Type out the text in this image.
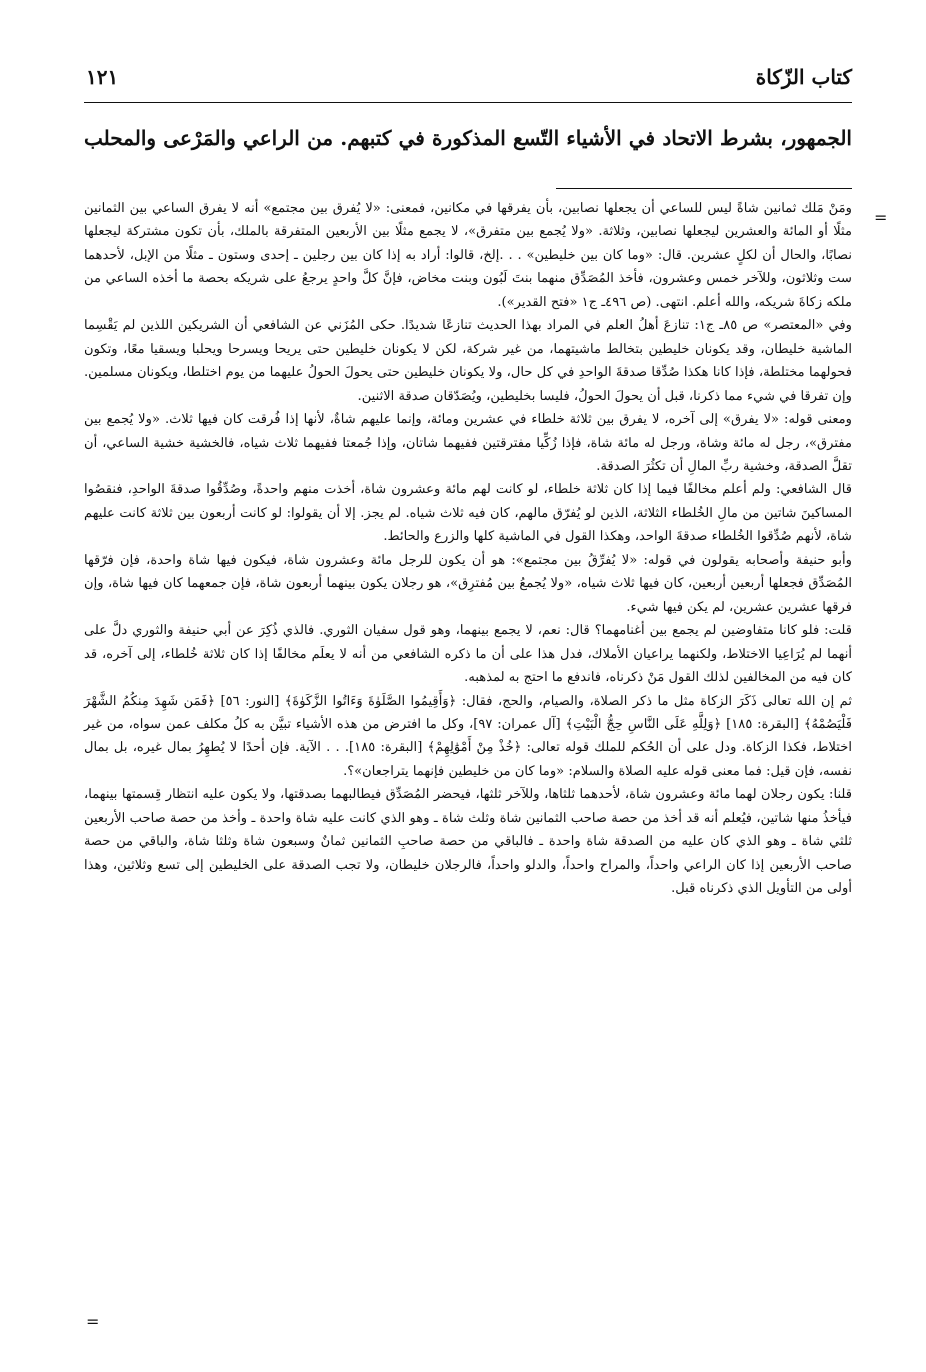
كتاب الزّكاة
١٢١
الجمهور، بشرط الاتحاد في الأشياء التّسع المذكورة في كتبهم. من الراعي والمَرْعى والمحلب
=

ومَنْ مَلك ثمانين شاةً ليس للساعي أن يجعلها نصابين، بأن يفرقها في مكانين، فمعنى: «لا يُفرق بين مجتمع» أنه لا يفرق الساعي بين الثمانين مثلًا أو المائة والعشرين ليجعلها نصابين، وثلاثة. «ولا يُجمع بين متفرق»، لا يجمع مثلًا بين الأربعين المتفرقة بالملك، بأن تكون مشتركة ليجعلها نصابًا، والحال أن لكلٍ عشرين. قال: «وما كان بين خليطين» . . .إلخ، قالوا: أراد به إذا كان بين رجلين ـ إحدى وستون ـ مثلًا من الإبل، لأحدهما ست وثلاثون، وللآخر خمس وعشرون، فأخذ المُصَدِّق منهما بنتَ لَبُون وبنت مخاض، فإنَّ كلَّ واحدٍ يرجعُ على شريكه بحصة ما أخذه الساعي من ملكه زكاةَ شريكه، والله أعلم. انتهى. (ص ٤٩٦ـ ج١ «فتح القدير»).

وفي «المعتصر» ص ٨٥ـ ج١: تنازعَ أهلُ العلم في المراد بهذا الحديث تنازعًا شديدًا. حكى المُزَني عن الشافعي أن الشريكين اللذين لم يَقْسِما الماشية خليطان، وقد يكونان خليطين بتخالط ماشيتهما، من غير شركة، لكن لا يكونان خليطين حتى يريحا ويسرحا ويحلبا ويسقيا معًا، وتكون فحولهما مختلطة، فإذا كانا هكذا صُدِّقا صدقةَ الواحدِ في كل حال، ولا يكونان خليطين حتى يحولَ الحولُ عليهما من يوم اختلطا، ويكونان مسلمين. وإن تفرقا في شيء مما ذكرنا، قبل أن يحولَ الحولُ، فليسا بخليطين، ويُصَدّقان صدقة الاثنين.

ومعنى قوله: «لا يفرق» إلى آخره، لا يفرق بين ثلاثة خلطاء في عشرين ومائة، وإنما عليهم شاةٌ، لأنها إذا فُرقت كان فيها ثلاث. «ولا يُجمع بين مفترق»، رجل له مائة وشاة، ورجل له مائة شاة، فإذا زُكِّيا مفترقتين ففيهما شاتان، وإذا جُمعتا ففيهما ثلاث شياه، فالخشية خشية الساعي، أن تقلَّ الصدقة، وخشية ربِّ المالِ أن تكثُرَ الصدقة.

قال الشافعي: ولم أعلم مخالفًا فيما إذا كان ثلاثة خلطاء، لو كانت لهم مائة وعشرون شاة، أخذت منهم واحدةً، وصُدِّقُوا صدقةَ الواحدِ، فنقصُوا المساكينَ شاتين من مالِ الخُلطاء الثلاثة، الذين لو يُفرّق مالهم، كان فيه ثلاث شياه. لم يجز. إلا أن يقولوا: لو كانت أربعون بين ثلاثة كانت عليهم شاة، لأنهم صُدِّقوا الخُلطاء صدقةَ الواحد، وهكذا القول في الماشية كلها والزرع والحائط.

وأبو حنيفة وأصحابه يقولون في قوله: «لا يُفرِّقُ بين مجتمع»: هو أن يكون للرجل مائة وعشرون شاة، فيكون فيها شاة واحدة، فإن فرّقها المُصَدِّق فجعلها أربعين أربعين، كان فيها ثلاث شياه، «ولا يُجمعُ بين مُفترِق»، هو رجلان يكون بينهما أربعون شاة، فإن جمعهما كان فيها شاة، وإن فرقها عشرين عشرين، لم يكن فيها شيء.

قلت: فلو كانا متفاوضين لم يجمع بين أغنامهما؟ قال: نعم، لا يجمع بينهما، وهو قول سفيان الثوري. فالذي ذُكِرَ عن أبي حنيفة والثوري دلَّ على أنهما لم يُرَاعِيا الاختلاط، ولكنهما يراعيان الأملاك، فدل هذا على أن ما ذكره الشافعي من أنه لا يعلَم مخالفًا إذا كان ثلاثة خُلطاء، إلى آخره، قد كان فيه من المخالفين لذلك القول مَنْ ذكرناه، فاندفع ما احتج به لمذهبه.

ثم إن الله تعالى ذَكَرَ الزكاة مثل ما ذكر الصلاة، والصيام، والحج، فقال: ﴿وَأَقِيمُوا الصَّلَوٰةَ وَءَاتُوا الزَّكَوٰةَ﴾ [النور: ٥٦] ﴿فَمَن شَهِدَ مِنكُمُ الشَّهْرَ فَلْيَصُمْهُ﴾ [البقرة: ١٨٥] ﴿وَلِلَّهِ عَلَى النَّاسِ حِجُّ الْبَيْتِ﴾ [آل عمران: ٩٧]، وكل ما افترض من هذه الأشياء تبيَّن به كلُ مكلف عمن سواه، من غير اختلاط، فكذا الزكاة. ودل على أن الحُكم للملك قوله تعالى: ﴿خُذْ مِنْ أَمْوَٰلِهِمْ﴾ [البقرة: ١٨٥]. . . الآية. فإن أحدًا لا يُطهِرُ بمال غيره، بل بمال نفسه، فإن قيل: فما معنى قوله عليه الصلاة والسلام: «وما كان من خليطين فإنهما يتراجعان»؟.

قلنا: يكون رجلان لهما مائة وعشرون شاة، لأحدهما ثلثاها، وللآخر ثلثها، فيحضر المُصَدِّق فيطالبهما بصدقتها، ولا يكون عليه انتظار قِسمتها بينهما، فيأخذُ منها شاتين، فيُعلم أنه قد أخذ من حصة صاحب الثمانين شاة وثلث شاة ـ وهو الذي كانت عليه شاة واحدة ـ وأخذ من حصة صاحب الأربعين ثلثي شاة ـ وهو الذي كان عليه من الصدقة شاة واحدة ـ فالباقي من حصة صاحبِ الثمانين ثمانٌ وسبعون شاة وثلثا شاة، والباقي من حصة صاحب الأربعين إذا كان الراعي واحداً، والمراح واحداً، والدلو واحداً، فالرجلان خليطان، ولا تجب الصدقة على الخليطين إلى تسع وثلاثين، وهذا أولى من التأويل الذي ذكرناه قبل.

=
